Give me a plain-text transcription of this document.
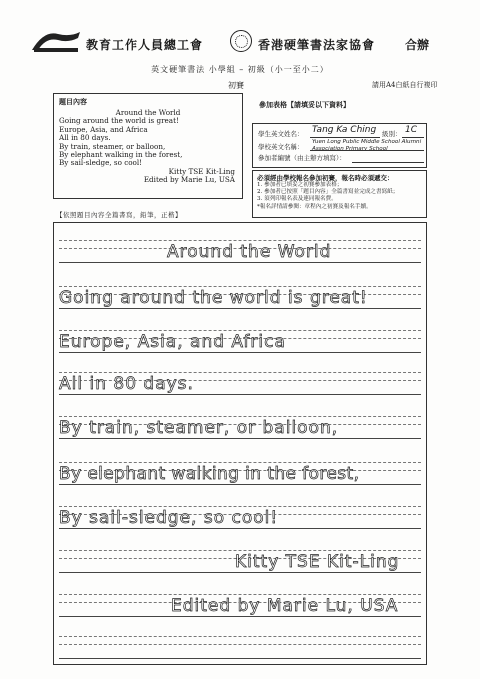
教育工作人員總工會	香港硬筆書法家協會 合辦
英文硬筆書法 小學組 – 初級（小一至小二）
初賽	請用A4白紙自行複印
題目內容
Around the World
Going around the world is great!
Europe, Asia, and Africa
All in 80 days.
By train, steamer, or balloon,
By elephant walking in the forest,
By sail-sledge, so cool!
Kitty TSE Kit-Ling
Edited by Marie Lu, USA
參加表格【請填妥以下資料】
學生英文姓名： Tang Ka Ching 級別： 1C
學校英文名稱：
Yuen Long Public Middle School Alumni Association Primary School
參加者編號（由主辦方填寫）：
必須經由學校報名參加初賽，報名時必須遞交：
1. 參加者已填妥之初賽參加表格；
2. 參加者已按照「題目內容」全篇書寫並完成之書寫紙；
3. 須列印報名表及連同報名費。
*報名詳情請參閱：章程內之初賽及報名手續。
【依照題目內容全篇書寫，鉛筆，正楷】
Around the World
Going around the world is great!
Europe, Asia, and Africa
All in 80 days.
By train, steamer, or balloon,
By elephant walking in the forest,
By sail-sledge, so cool!
Kitty TSE Kit-Ling
Edited by Marie Lu, USA
